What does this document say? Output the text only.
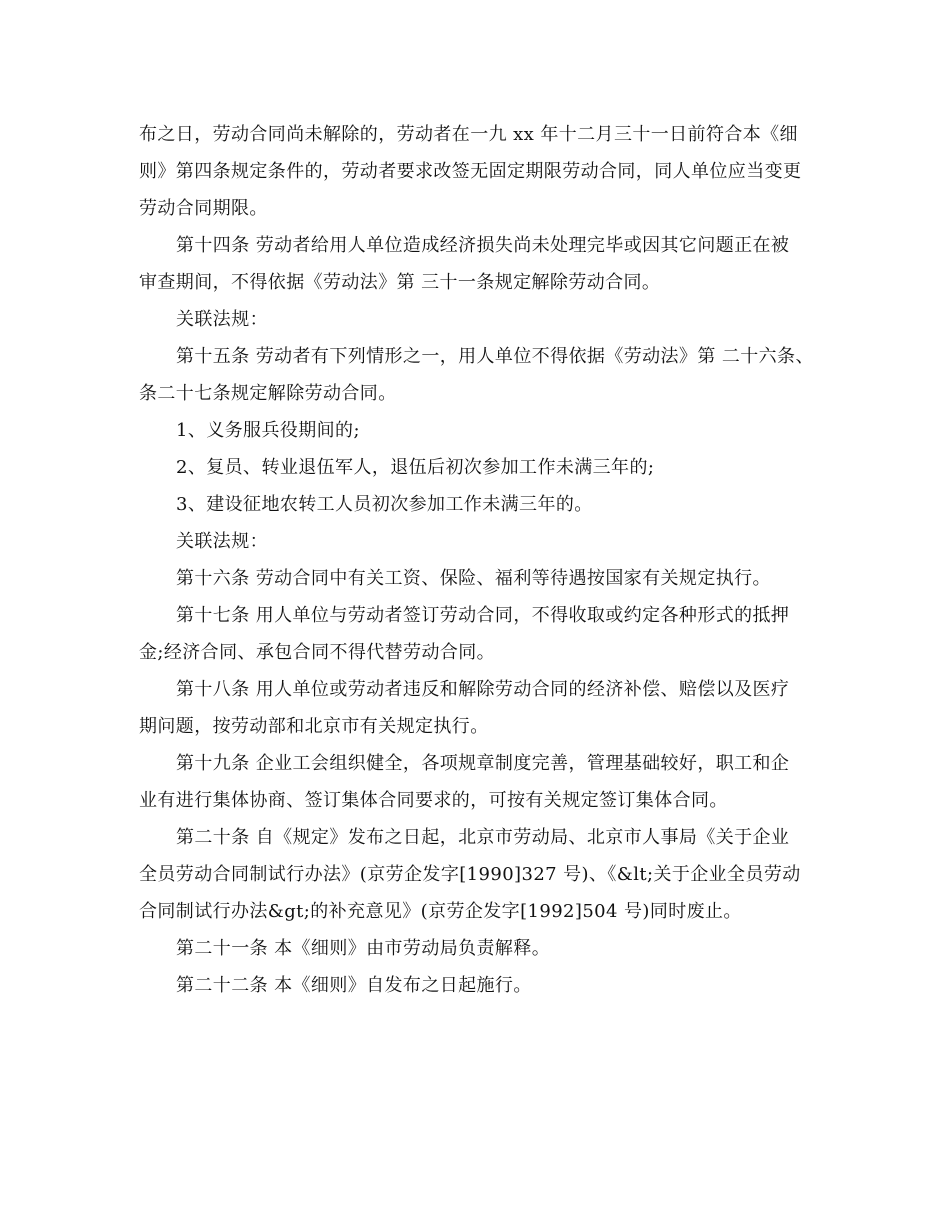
布之日，劳动合同尚未解除的，劳动者在一九 xx 年十二月三十一日前符合本《细
则》第四条规定条件的，劳动者要求改签无固定期限劳动合同，同人单位应当变更
劳动合同期限。

第十四条 劳动者给用人单位造成经济损失尚未处理完毕或因其它问题正在被
审查期间，不得依据《劳动法》第 三十一条规定解除劳动合同。

关联法规：

第十五条 劳动者有下列情形之一，用人单位不得依据《劳动法》第 二十六条、
条二十七条规定解除劳动合同。

1、义务服兵役期间的;

2、复员、转业退伍军人，退伍后初次参加工作未满三年的;

3、建设征地农转工人员初次参加工作未满三年的。

关联法规：

第十六条 劳动合同中有关工资、保险、福利等待遇按国家有关规定执行。

第十七条 用人单位与劳动者签订劳动合同，不得收取或约定各种形式的抵押
金;经济合同、承包合同不得代替劳动合同。

第十八条 用人单位或劳动者违反和解除劳动合同的经济补偿、赔偿以及医疗
期问题，按劳动部和北京市有关规定执行。

第十九条 企业工会组织健全，各项规章制度完善，管理基础较好，职工和企
业有进行集体协商、签订集体合同要求的，可按有关规定签订集体合同。

第二十条 自《规定》发布之日起，北京市劳动局、北京市人事局《关于企业
全员劳动合同制试行办法》(京劳企发字[1990]327 号)、《&lt;关于企业全员劳动
合同制试行办法&gt;的补充意见》(京劳企发字[1992]504 号)同时废止。

第二十一条 本《细则》由市劳动局负责解释。

第二十二条 本《细则》自发布之日起施行。
